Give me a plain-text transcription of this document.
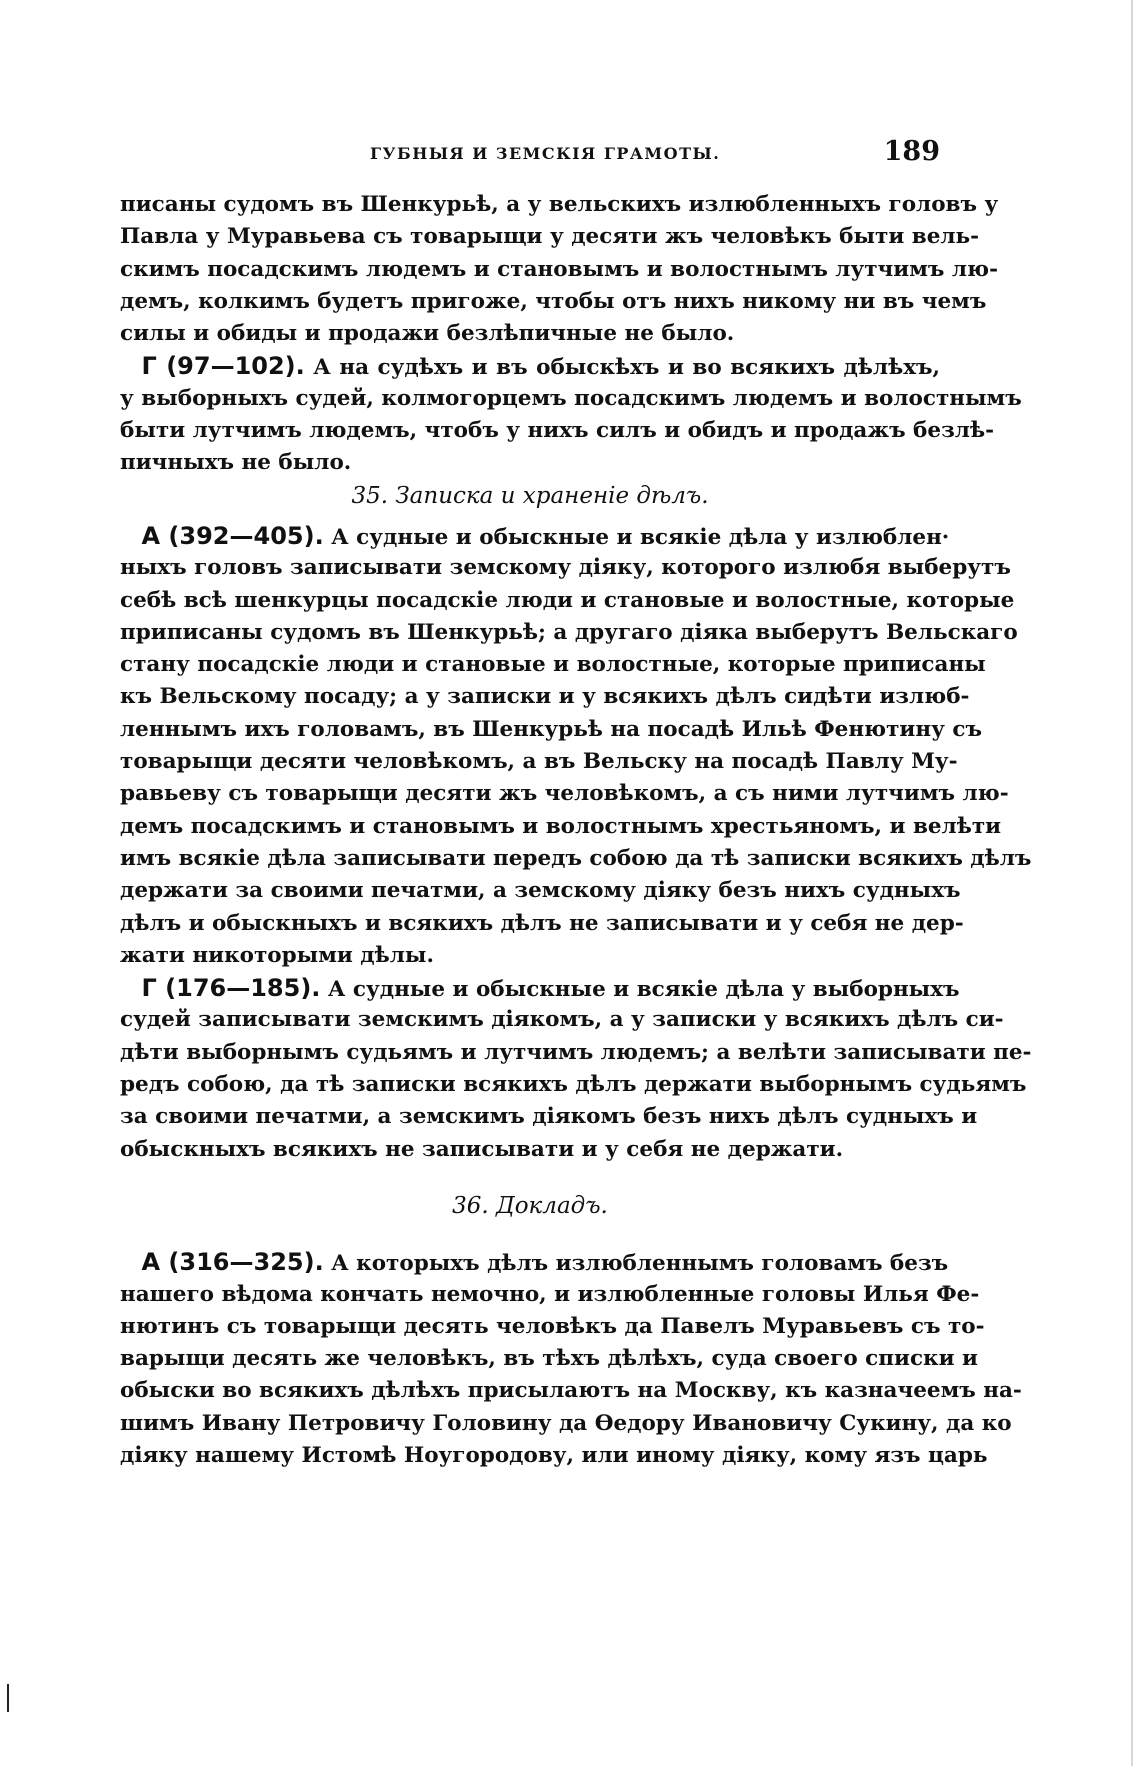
ГУБНЫЯ И ЗЕМСКІЯ ГРАМОТЫ.	189
писаны судомъ въ Шенкурьѣ, а у вельскихъ излюбленныхъ головъ у
Павла у Муравьева съ товарыщи у десяти жъ человѣкъ быти вель-
скимъ посадскимъ людемъ и становымъ и волостнымъ лутчимъ лю-
демъ, колкимъ будетъ пригоже, чтобы отъ нихъ никому ни въ чемъ
силы и обиды и продажи безлѣпичные не было.
 Г (97—102). А на судѣхъ и въ обыскѣхъ и во всякихъ дѣлѣхъ,
у выборныхъ судей, колмогорцемъ посадскимъ людемъ и волостнымъ
быти лутчимъ людемъ, чтобъ у нихъ силъ и обидъ и продажъ безлѣ-
пичныхъ не было.
35. Записка и храненіе дѣлъ.
 А (392—405). А судные и обыскные и всякіе дѣла у излюблен·
ныхъ головъ записывати земскому дiяку, которого излюбя выберутъ
себѣ всѣ шенкурцы посадскіе люди и становые и волостные, которые
приписаны судомъ въ Шенкурьѣ; а другаго дiяка выберутъ Вельскаго
стану посадскіе люди и становые и волостные, которые приписаны
къ Вельскому посаду; а у записки и у всякихъ дѣлъ сидѣти излюб-
леннымъ ихъ головамъ, въ Шенкурьѣ на посадѣ Ильѣ Фенютину съ
товарыщи десяти человѣкомъ, а въ Вельску на посадѣ Павлу Му-
равьеву съ товарыщи десяти жъ человѣкомъ, а съ ними лутчимъ лю-
демъ посадскимъ и становымъ и волостнымъ хрестьяномъ, и велѣти
имъ всякіе дѣла записывати передъ собою да тѣ записки всякихъ дѣлъ
держати за своими печатми, а земскому дiяку безъ нихъ судныхъ
дѣлъ и обыскныхъ и всякихъ дѣлъ не записывати и у себя не дер-
жати никоторыми дѣлы.
 Г (176—185). А судные и обыскные и всякіе дѣла у выборныхъ
судей записывати земскимъ дiякомъ, а у записки у всякихъ дѣлъ си-
дѣти выборнымъ судьямъ и лутчимъ людемъ; а велѣти записывати пе-
редъ собою, да тѣ записки всякихъ дѣлъ держати выборнымъ судьямъ
за своими печатми, а земскимъ дiякомъ безъ нихъ дѣлъ судныхъ и
обыскныхъ всякихъ не записывати и у себя не держати.
36. Докладъ.
 А (316—325). А которыхъ дѣлъ излюбленнымъ головамъ безъ
нашего вѣдома кончать немочно, и излюбленные головы Илья Фе-
нютинъ съ товарыщи десять человѣкъ да Павелъ Муравьевъ съ то-
варыщи десять же человѣкъ, въ тѣхъ дѣлѣхъ, суда своего списки и
обыски во всякихъ дѣлѣхъ присылаютъ на Москву, къ казначеемъ на-
шимъ Ивану Петровичу Головину да Ѳедору Ивановичу Сукину, да ко
дiяку нашему Истомѣ Ноугородову, или иному дiяку, кому язъ царь
